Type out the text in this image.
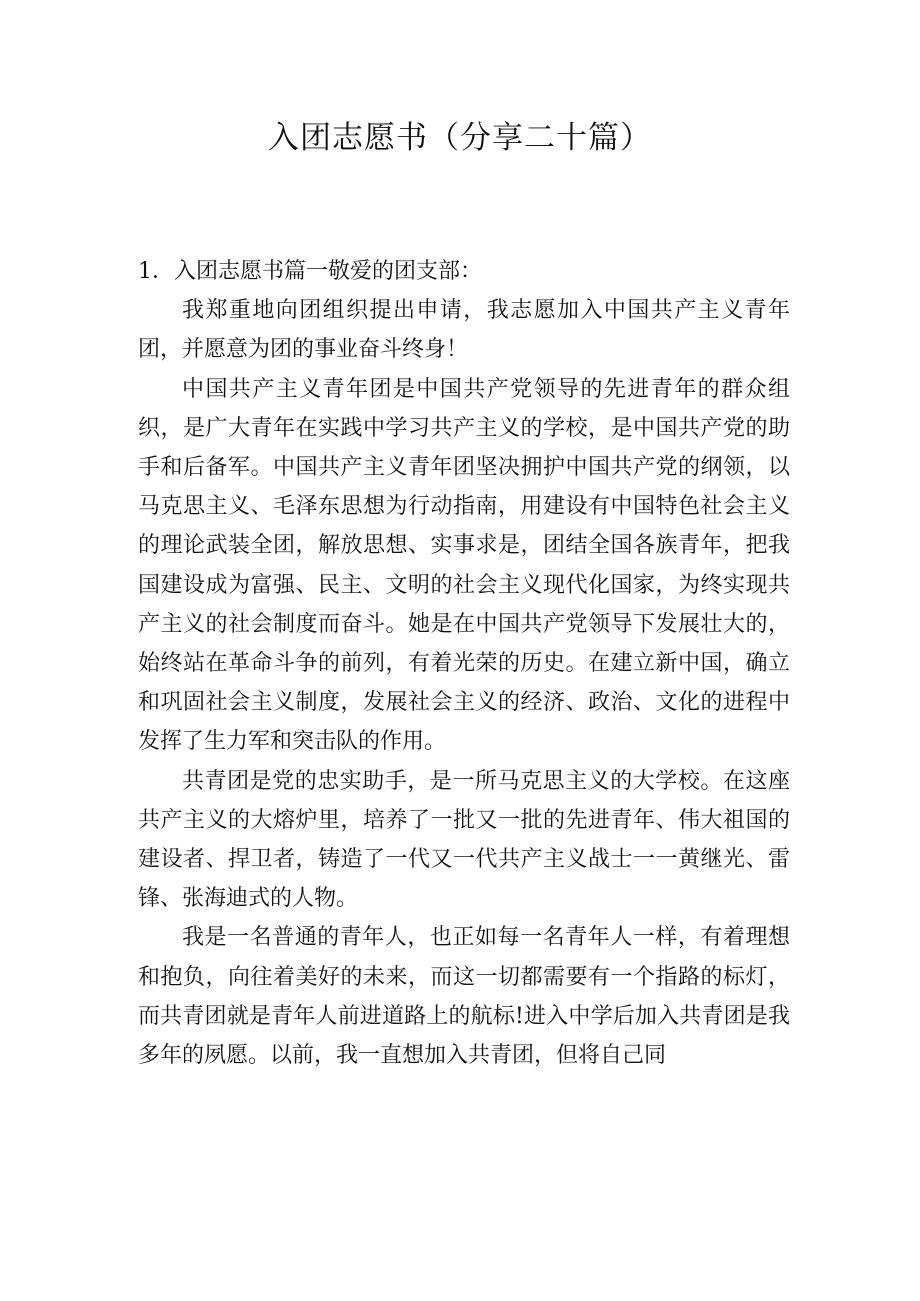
入团志愿书（分享二十篇）

1．入团志愿书篇一敬爱的团支部：

我郑重地向团组织提出申请，我志愿加入中国共产主义青年团，并愿意为团的事业奋斗终身！

中国共产主义青年团是中国共产党领导的先进青年的群众组织，是广大青年在实践中学习共产主义的学校，是中国共产党的助手和后备军。中国共产主义青年团坚决拥护中国共产党的纲领，以马克思主义、毛泽东思想为行动指南，用建设有中国特色社会主义的理论武装全团，解放思想、实事求是，团结全国各族青年，把我国建设成为富强、民主、文明的社会主义现代化国家，为终实现共产主义的社会制度而奋斗。她是在中国共产党领导下发展壮大的，始终站在革命斗争的前列，有着光荣的历史。在建立新中国，确立和巩固社会主义制度，发展社会主义的经济、政治、文化的进程中发挥了生力军和突击队的作用。

共青团是党的忠实助手，是一所马克思主义的大学校。在这座共产主义的大熔炉里，培养了一批又一批的先进青年、伟大祖国的建设者、捍卫者，铸造了一代又一代共产主义战士一一黄继光、雷锋、张海迪式的人物。

我是一名普通的青年人，也正如每一名青年人一样，有着理想和抱负，向往着美好的未来，而这一切都需要有一个指路的标灯，而共青团就是青年人前进道路上的航标!进入中学后加入共青团是我多年的夙愿。以前，我一直想加入共青团，但将自己同
